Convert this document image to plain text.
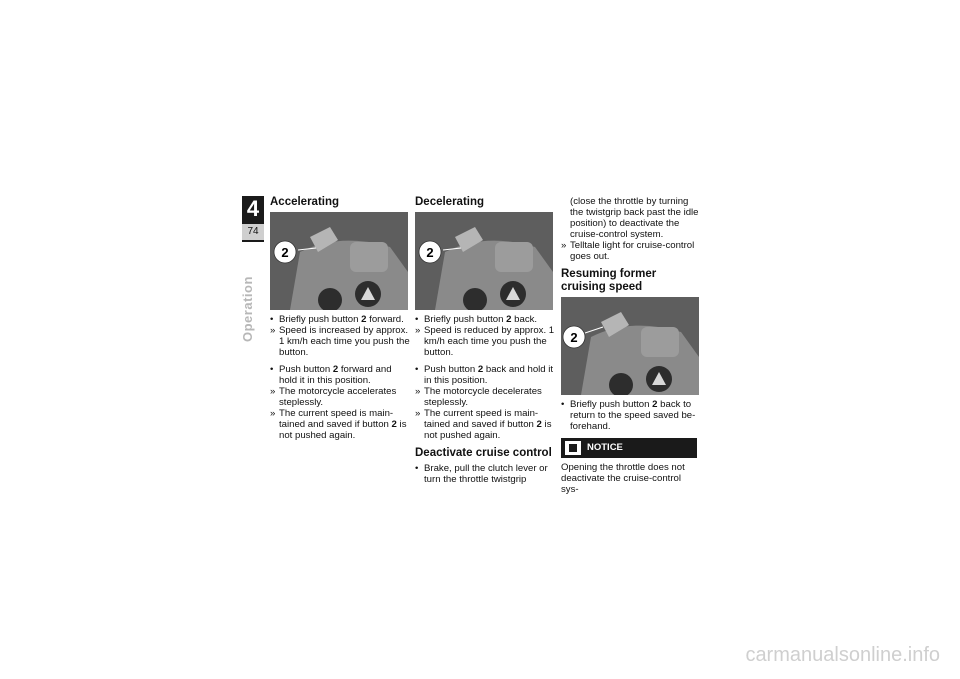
4
74
Operation
Accelerating
2

• Briefly push button 2 forward.

» Speed is increased by approx. 1 km/h each time you push the button.

• Push button 2 forward and hold it in this position.

» The motorcycle accelerates steplessly.

» The current speed is main- tained and saved if button 2 is not pushed again.

Decelerating
2

• Briefly push button 2 back.

» Speed is reduced by approx. 1 km/h each time you push the button.

• Push button 2 back and hold it in this position.

» The motorcycle decelerates steplessly.

» The current speed is main- tained and saved if button 2 is not pushed again.

Deactivate cruise control

• Brake, pull the clutch lever or turn the throttle twistgrip

(close the throttle by turning the twistgrip back past the idle position) to deactivate the cruise-control system.

» Telltale light for cruise-control goes out.

Resuming former cruising speed
2

• Briefly push button 2 back to return to the speed saved be- forehand.

NOTICE

Opening the throttle does not deactivate the cruise-control sys-

carmanualsonline.info
